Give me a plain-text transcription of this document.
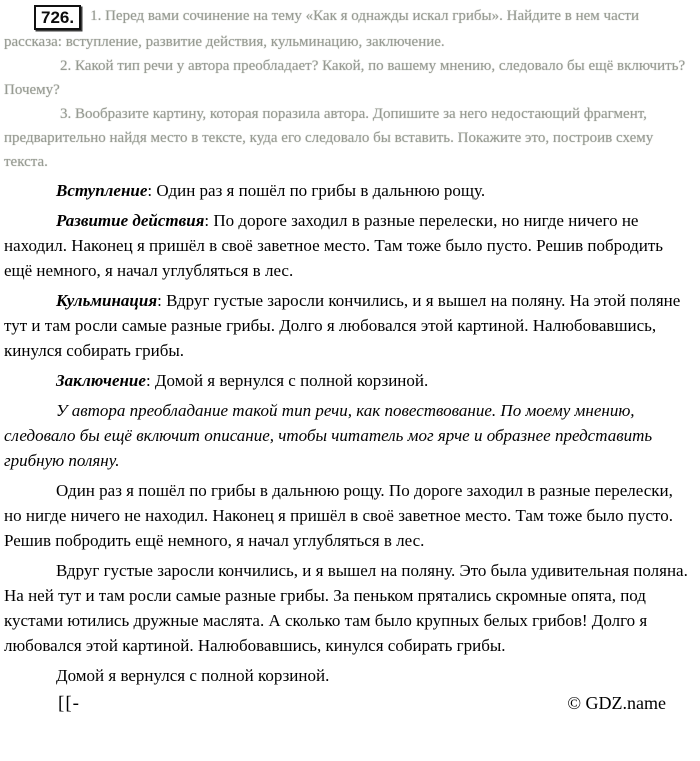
726. 1. Перед вами сочинение на тему «Как я однажды искал грибы». Найдите в нем части рассказа: вступление, развитие действия, кульминацию, заключение.

2. Какой тип речи у автора преобладает? Какой, по вашему мнению, следовало бы ещё включить? Почему?

3. Вообразите картину, которая поразила автора. Допишите за него недостающий фрагмент, предварительно найдя место в тексте, куда его следовало бы вставить. Покажите это, построив схему текста.

Вступление: Один раз я пошёл по грибы в дальнюю рощу.

Развитие действия: По дороге заходил в разные перелески, но нигде ничего не находил. Наконец я пришёл в своё заветное место. Там тоже было пусто. Решив побродить ещё немного, я начал углубляться в лес.

Кульминация: Вдруг густые заросли кончились, и я вышел на поляну. На этой поляне тут и там росли самые разные грибы. Долго я любовался этой картиной. Налюбовавшись, кинулся собирать грибы.

Заключение: Домой я вернулся с полной корзиной.

У автора преобладание такой тип речи, как повествование. По моему мнению, следовало бы ещё включит описание, чтобы читатель мог ярче и образнее представить грибную поляну.

Один раз я пошёл по грибы в дальнюю рощу. По дороге заходил в разные перелески, но нигде ничего не находил. Наконец я пришёл в своё заветное место. Там тоже было пусто. Решив побродить ещё немного, я начал углубляться в лес.

Вдруг густые заросли кончились, и я вышел на поляну. Это была удивительная поляна. На ней тут и там росли самые разные грибы. За пеньком прятались скромные опята, под кустами ютились дружные маслята. А сколько там было крупных белых грибов! Долго я любовался этой картиной. Налюбовавшись, кинулся собирать грибы.

Домой я вернулся с полной корзиной.

[[-	© GDZ.name
